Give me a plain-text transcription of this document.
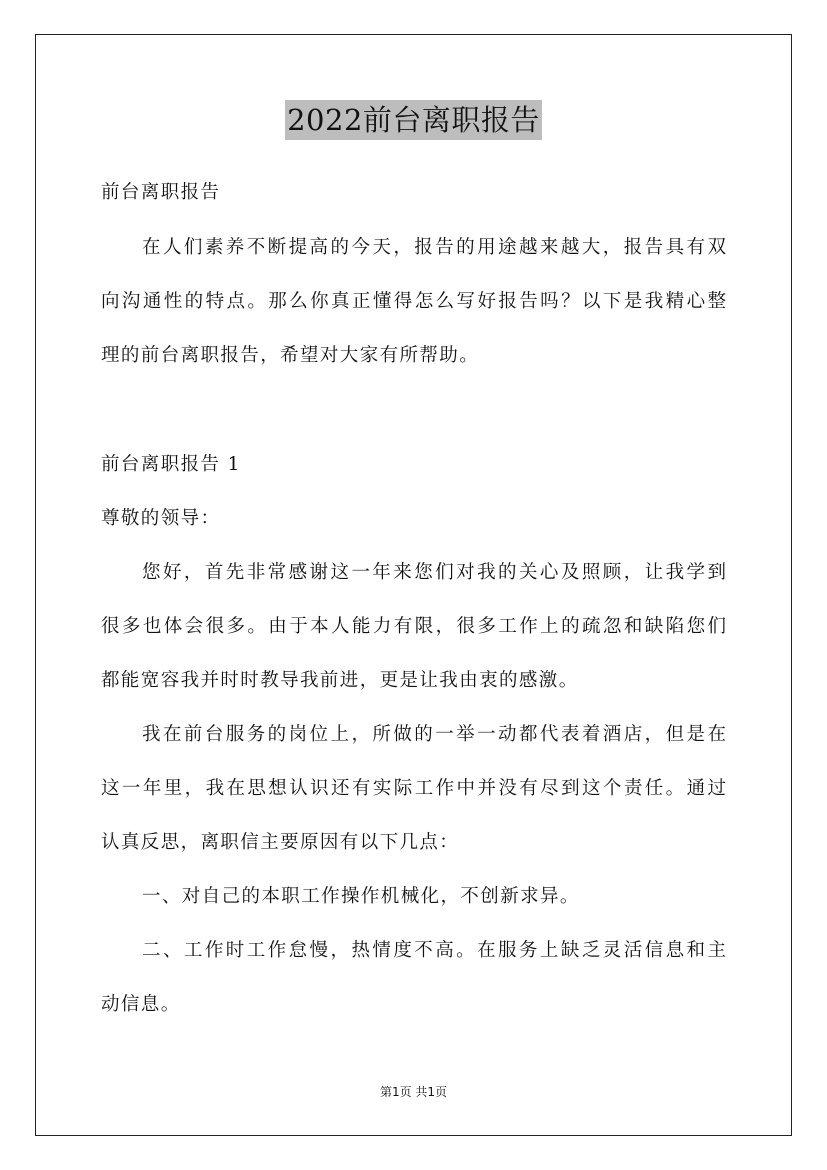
2022前台离职报告
前台离职报告
在人们素养不断提高的今天，报告的用途越来越大，报告具有双
向沟通性的特点。那么你真正懂得怎么写好报告吗？以下是我精心整
理的前台离职报告，希望对大家有所帮助。
前台离职报告 1
尊敬的领导：
您好，首先非常感谢这一年来您们对我的关心及照顾，让我学到
很多也体会很多。由于本人能力有限，很多工作上的疏忽和缺陷您们
都能宽容我并时时教导我前进，更是让我由衷的感激。
我在前台服务的岗位上，所做的一举一动都代表着酒店，但是在
这一年里，我在思想认识还有实际工作中并没有尽到这个责任。通过
认真反思，离职信主要原因有以下几点：
一、对自己的本职工作操作机械化，不创新求异。
二、工作时工作怠慢，热情度不高。在服务上缺乏灵活信息和主
动信息。
第1页 共1页
